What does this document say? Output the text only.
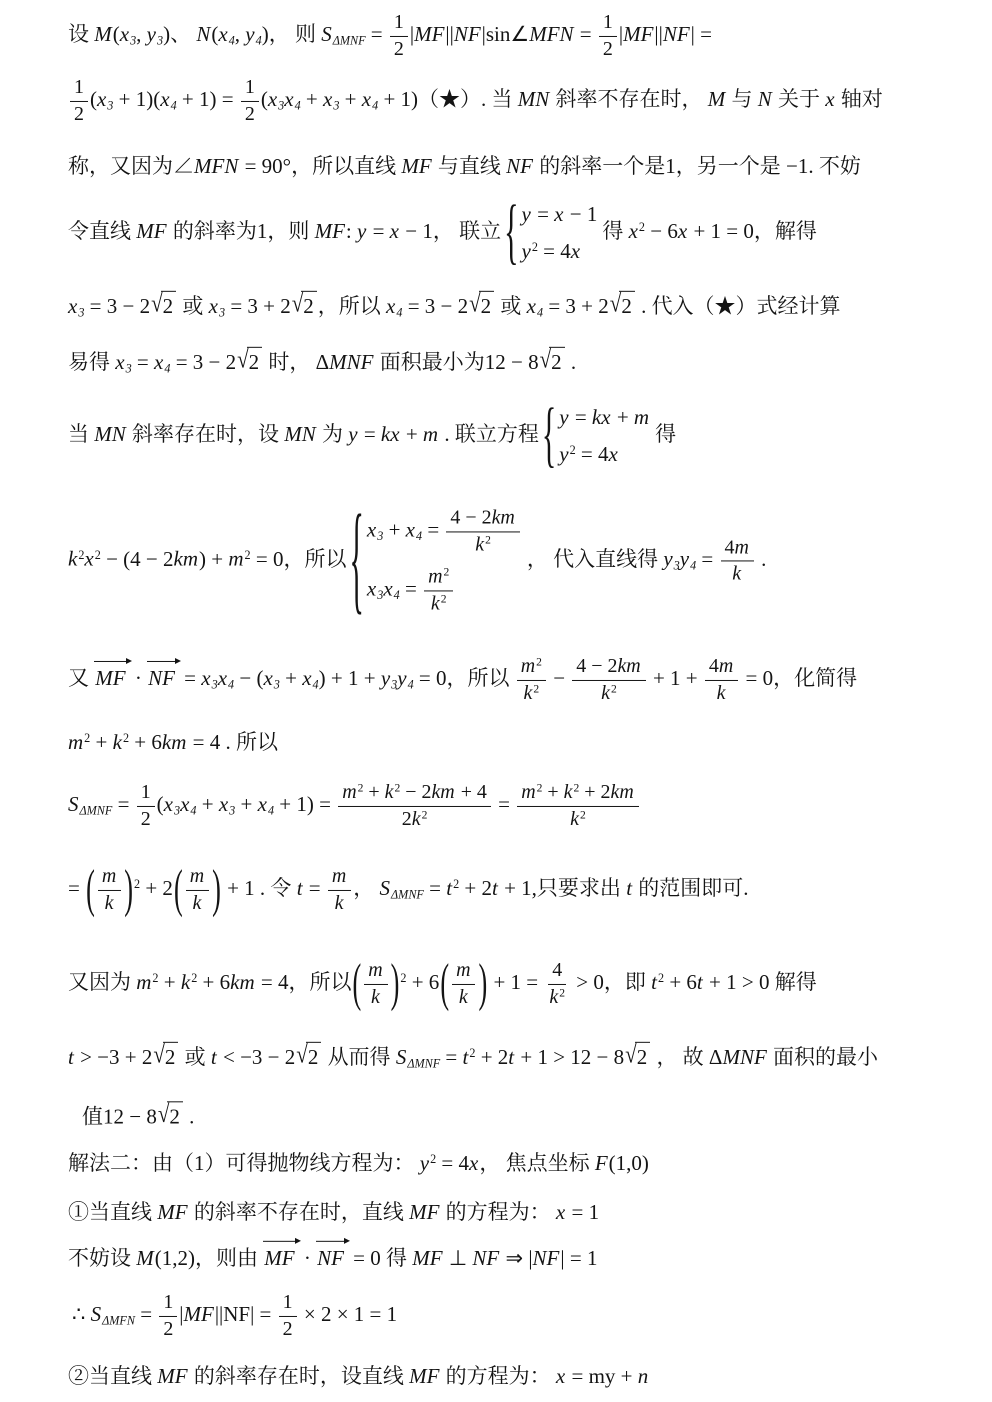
设 $M(x_3$, $y_3$)、 $N(x_4$, $y_4$)， 则 $S_{\Delta MNF} = \frac{1}{2}$ |MF||NF|sin∠MFN = $\frac{1}{2} |MF||NF|$ =
$\frac{1}{2} (x_3 + 1)(x_4 + 1) = \frac{1}{2} (x_3x_4 + x_3 + x_4$ + 1)（★）. 当 MN 斜率不存在时， M 与 N 关于 x 轴对
称，又因为∠MFN = 90°，所以直线 MF 与直线 NF 的斜率一个是1，另一个是 −1. 不妨
令直线 MF 的斜率为1，则 MF: y = x − 1， 联立 { y = x − 1
$y^2 = 4x$
得 $x^2 - 6x + 1 = 0$，解得
$x_3 = 3 - 2√2$ 或 $x_3 = 3 + 2√2$ ，所以 $x_4 = 3 - 2√2$ 或 $x_4 = 3 + 2√2$ . 代入（★）式经计算
易得 $x_3 = x_4 = 3 - 2√2$ 时， ΔMNF 面积最小为12 − 8√2 .
当 MN 斜率存在时，设 MN 为 y = kx + m . 联立方程 { y = kx + m
$y^2 = 4x$
得
$k^2x^2 - (4 - 2km) + m^2 = 0$，所以 { $x_3 + x_4 = \frac{4 - 2km}{k^2}$
$x_3x_4 = \frac{m^2}{k^2}$
， 代入直线得 $y_3y_4 = \frac{4m}{k}$ .
又
MF ·
NF = $x_3x_4 - (x_3 + x_4) + 1 + y_3y_4 = 0$，所以 $\frac{m^2}{k^2} - \frac{4 - 2km}{k^2} + 1 + \frac{4m}{k} = 0$，化简得
$m^2 + k^2 + 6km = 4$ . 所以
$S_{\Delta MNF} = \frac{1}{2} (x_3x_4 + x_3 + x_4 + 1) = \frac{m^2 + k^2 - 2km + 4}{2k^2} = \frac{m^2 + k^2 + 2km}{k^2}$
= ( $\frac{m}{k} )^2 + 2( \frac{m}{k}$ ) + 1 . 令 $t = \frac{m}{k}$ ， $S_{\Delta MNF} = t^2 + 2t + 1$,只要求出 t 的范围即可.
又因为 $m^2 + k^2 + 6km = 4$，所以( $\frac{m}{k} )^2 + 6( \frac{m}{k}$ ) + $1 = \frac{4}{k^2} > 0$，即 $t^2 + 6t + 1 > 0$ 解得
t > −3 + 2√2 或 t < −3 − 2√2 从而得 $S_{\Delta MNF} = t^2 + 2t + 1 > 12 - 8√2$ ， 故 ΔMNF 面积的最小
值12 − 8√2 .
解法二：由（1）可得抛物线方程为： $y^2 = 4x$， 焦点坐标 F(1,0)
①当直线 MF 的斜率不存在时，直线 MF 的方程为： x = 1
不妨设 M(1,2)，则由
MF ·
NF = 0 得 MF ⊥ NF ⇒ |NF| = 1
∴ $S_{\Delta MFN} = \frac{1}{2} |MF||NF| = \frac{1}{2} \times 2 \times 1 = 1$
②当直线 MF 的斜率存在时，设直线 MF 的方程为： x = my + n
